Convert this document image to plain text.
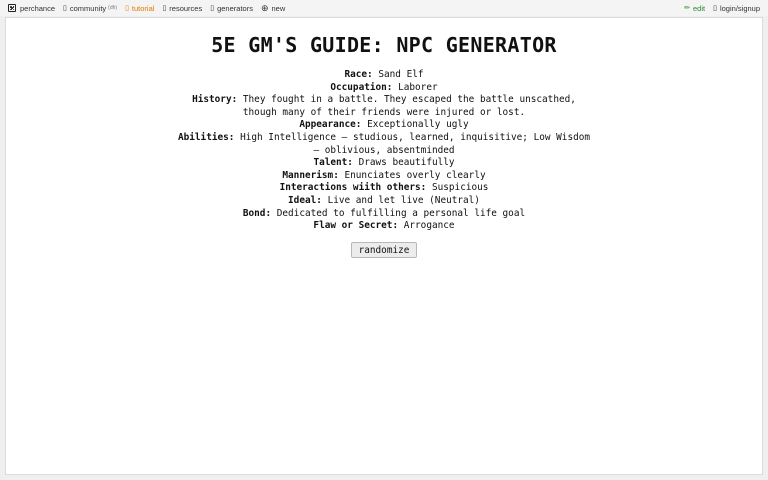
perchance ▯ community (dh) ▯ tutorial ▯ resources ▯ generators ⊕ new	✏ edit ▯ login/signup
5E GM'S GUIDE: NPC GENERATOR
Race: Sand Elf
Occupation: Laborer
History: They fought in a battle. They escaped the battle unscathed, though many of their friends were injured or lost.
Appearance: Exceptionally ugly
Abilities: High Intelligence — studious, learned, inquisitive; Low Wisdom — oblivious, absentminded
Talent: Draws beautifully
Mannerism: Enunciates overly clearly
Interactions wiith others: Suspicious
Ideal: Live and let live (Neutral)
Bond: Dedicated to fulfilling a personal life goal
Flaw or Secret: Arrogance
randomize
